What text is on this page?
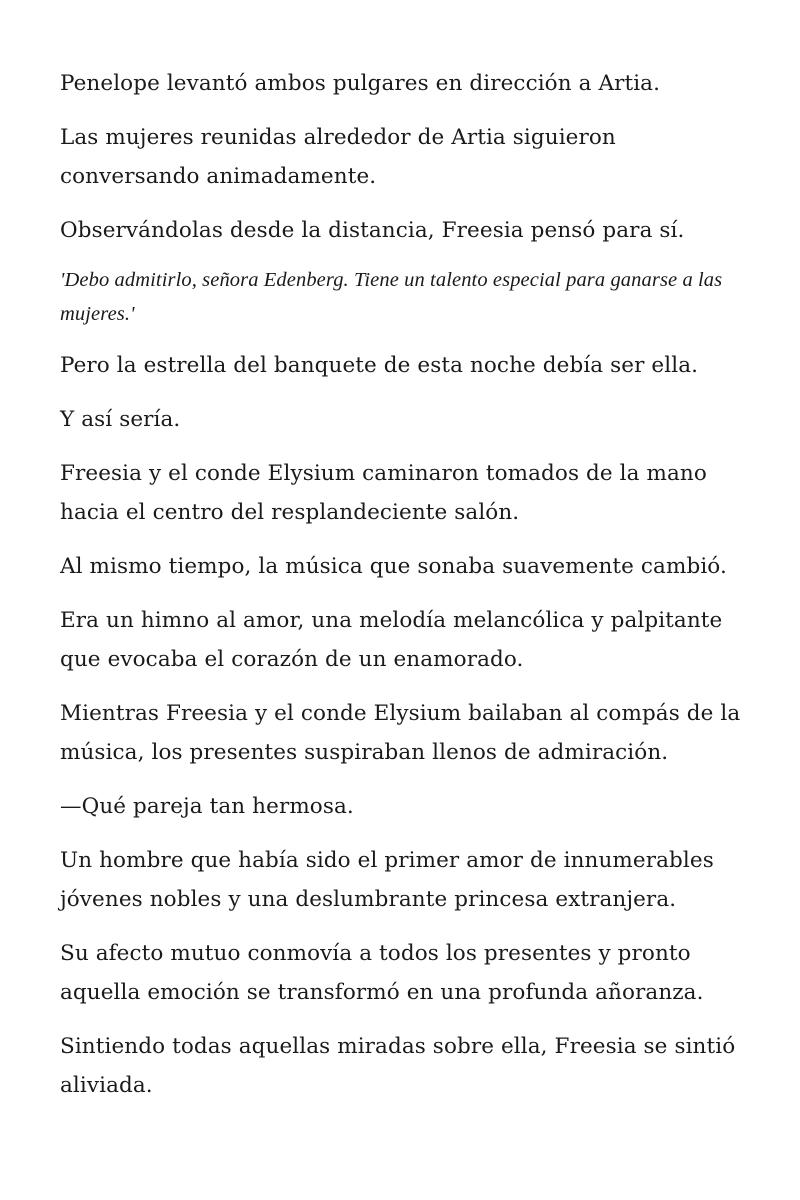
Penelope levantó ambos pulgares en dirección a Artia.

Las mujeres reunidas alrededor de Artia siguieron conversando animadamente.

Observándolas desde la distancia, Freesia pensó para sí.

'Debo admitirlo, señora Edenberg. Tiene un talento especial para ganarse a las mujeres.'

Pero la estrella del banquete de esta noche debía ser ella.

Y así sería.

Freesia y el conde Elysium caminaron tomados de la mano hacia el centro del resplandeciente salón.

Al mismo tiempo, la música que sonaba suavemente cambió.

Era un himno al amor, una melodía melancólica y palpitante que evocaba el corazón de un enamorado.

Mientras Freesia y el conde Elysium bailaban al compás de la música, los presentes suspiraban llenos de admiración.

—Qué pareja tan hermosa.

Un hombre que había sido el primer amor de innumerables jóvenes nobles y una deslumbrante princesa extranjera.

Su afecto mutuo conmovía a todos los presentes y pronto aquella emoción se transformó en una profunda añoranza.

Sintiendo todas aquellas miradas sobre ella, Freesia se sintió aliviada.
